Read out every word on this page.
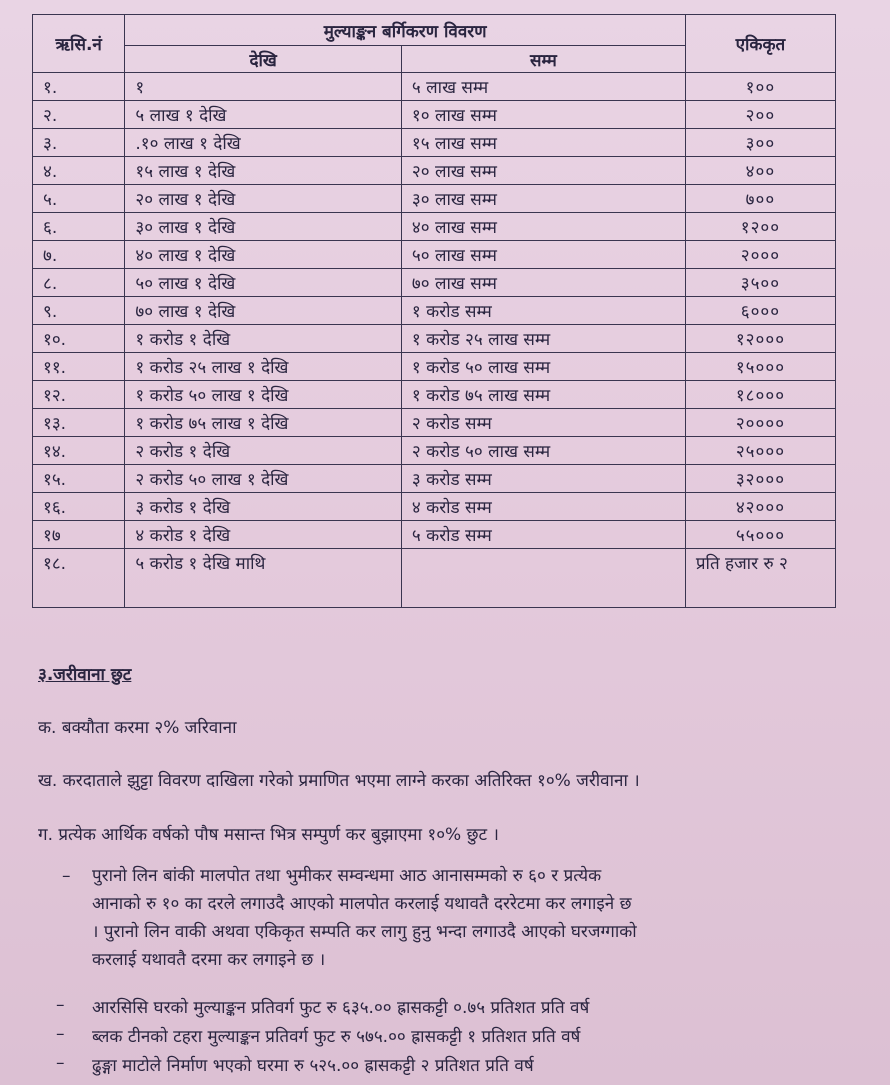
ऋसि.नं	मुल्याङ्कन बर्गिकरण विवरण		एकिकृत
	देखि	सम्म	
१.	१	५ लाख सम्म	१००
२.	५ लाख १ देखि	१० लाख सम्म	२००
३.	.१० लाख १ देखि	१५ लाख सम्म	३००
४.	१५ लाख १ देखि	२० लाख सम्म	४००
५.	२० लाख १ देखि	३० लाख सम्म	७००
६.	३० लाख १ देखि	४० लाख सम्म	१२००
७.	४० लाख १ देखि	५० लाख सम्म	२०००
८.	५० लाख १ देखि	७० लाख सम्म	३५००
९.	७० लाख १ देखि	१ करोड सम्म	६०००
१०.	१ करोड १ देखि	१ करोड २५ लाख सम्म	१२०००
११.	१ करोड २५ लाख १ देखि	१ करोड ५० लाख सम्म	१५०००
१२.	१ करोड ५० लाख १ देखि	१ करोड ७५ लाख सम्म	१८०००
१३.	१ करोड ७५ लाख १ देखि	२ करोड सम्म	२००००
१४.	२ करोड १ देखि	२ करोड ५० लाख सम्म	२५०००
१५.	२ करोड ५० लाख १ देखि	३ करोड सम्म	३२०००
१६.	३ करोड १ देखि	४ करोड सम्म	४२०००
१७	४ करोड १ देखि	५ करोड सम्म	५५०००
१८.	५ करोड १ देखि माथि		प्रति हजार रु २
३.जरीवाना छुट
क. बक्यौता करमा २% जरिवाना
ख. करदाताले झुट्टा विवरण दाखिला गरेको प्रमाणित भएमा लाग्ने करका अतिरिक्त १०% जरीवाना ।
ग. प्रत्येक आर्थिक वर्षको पौष मसान्त भित्र सम्पुर्ण कर बुझाएमा १०% छुट ।
– पुरानो लिन बांकी मालपोत तथा भुमीकर सम्वन्धमा आठ आनासम्मको रु ६० र प्रत्येक
आनाको रु १० का दरले लगाउदै आएको मालपोत करलाई यथावतै दररेटमा कर लगाइने छ
। पुरानो लिन वाकी अथवा एकिकृत सम्पति कर लागु हुनु भन्दा लगाउदै आएको घरजग्गाको
करलाई यथावतै दरमा कर लगाइने छ ।
– आरसिसि घरको मुल्याङ्कन प्रतिवर्ग फुट रु ६३५.०० ह्रासकट्टी ०.७५ प्रतिशत प्रति वर्ष
– ब्लक टीनको टहरा मुल्याङ्कन प्रतिवर्ग फुट रु ५७५.०० ह्रासकट्टी १ प्रतिशत प्रति वर्ष
– ढुङ्गा माटोले निर्माण भएको घरमा रु ५२५.०० ह्रासकट्टी २ प्रतिशत प्रति वर्ष
